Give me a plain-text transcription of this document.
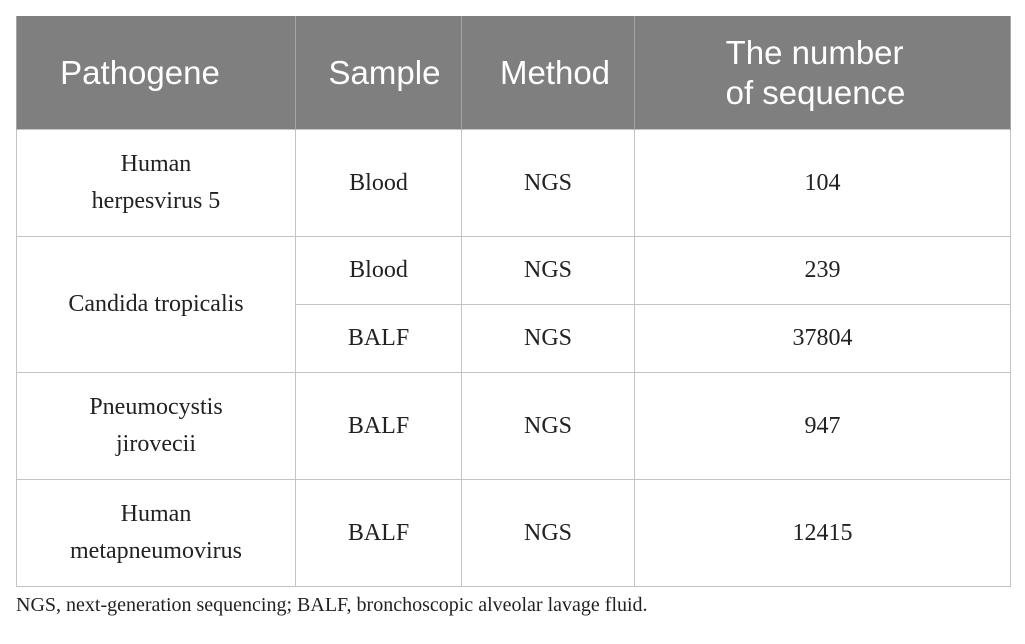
Pathogene	Sample	Method	The number
of sequence
Human
herpesvirus 5	Blood	NGS	104
Candida tropicalis	Blood	NGS	239
	BALF	NGS	37804
Pneumocystis
jirovecii	BALF	NGS	947
Human
metapneumovirus	BALF	NGS	12415
NGS, next-generation sequencing; BALF, bronchoscopic alveolar lavage fluid.
